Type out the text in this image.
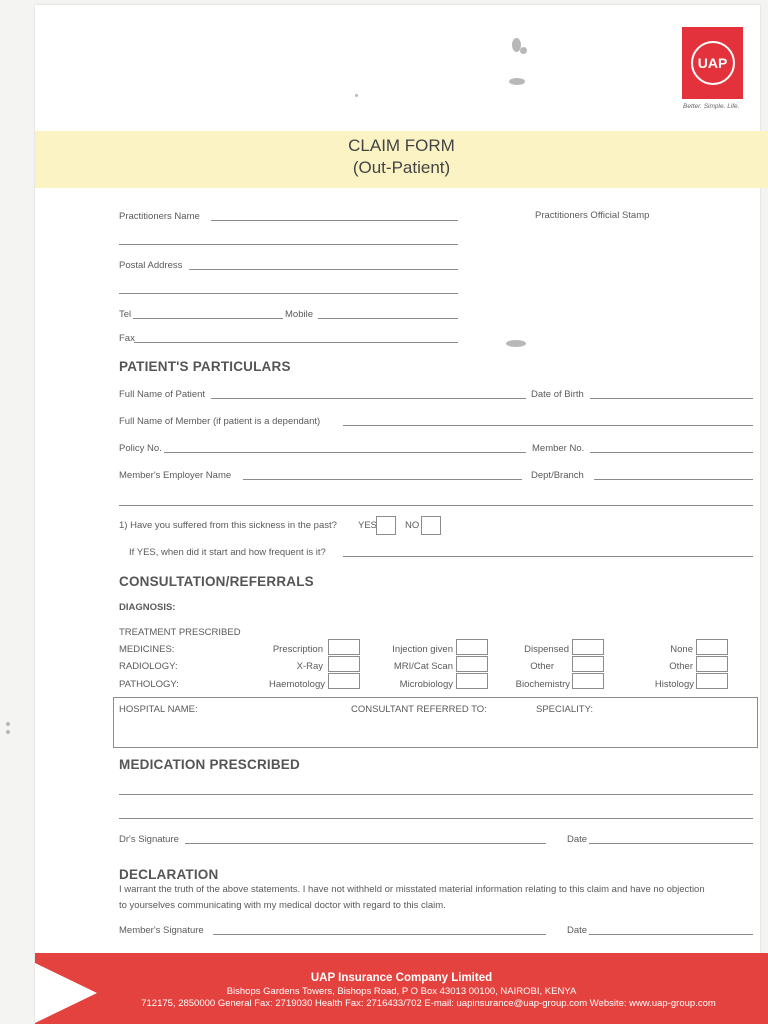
UAP
Better. Simple. Life.
CLAIM FORM
(Out-Patient)
Practitioners Name	Practitioners Official Stamp
Postal Address
Tel	Mobile
Fax
PATIENT'S PARTICULARS
Full Name of Patient	Date of Birth
Full Name of Member (if patient is a dependant)
Policy No.	Member No.
Member's Employer Name	Dept/Branch
1) Have you suffered from this sickness in the past? YES	NO
If YES, when did it start and how frequent is it?
CONSULTATION/REFERRALS
DIAGNOSIS:
TREATMENT PRESCRIBED
MEDICINES:	Prescription	Injection given	Dispensed	None
RADIOLOGY:	X-Ray	MRI/Cat Scan	Other	Other
PATHOLOGY:	Haemotology	Microbiology	Biochemistry	Histology
HOSPITAL NAME:	CONSULTANT REFERRED TO:	SPECIALITY:
MEDICATION PRESCRIBED
Dr's Signature	Date
DECLARATION
I warrant the truth of the above statements. I have not withheld or misstated material information relating to this claim and have no objection
to yourselves communicating with my medical doctor with regard to this claim.
Member's Signature	Date
UAP Insurance Company Limited
Bishops Gardens Towers, Bishops Road, P O Box 43013 00100, NAIROBI, KENYA
712175, 2850000 General Fax: 2719030 Health Fax: 2716433/702 E-mail: uapinsurance@uap-group.com Website: www.uap-group.com
